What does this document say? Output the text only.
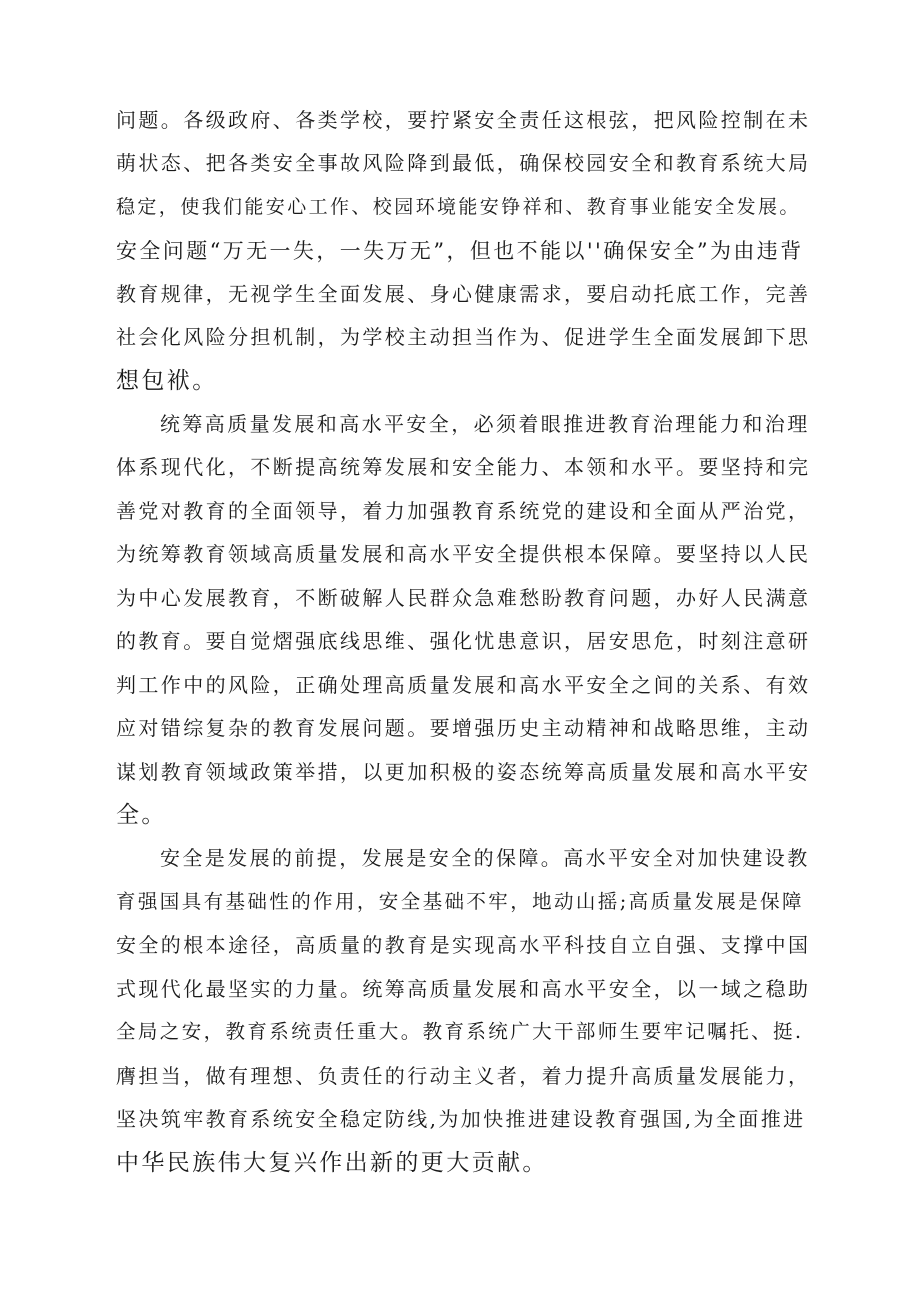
问题。各级政府、各类学校，要拧紧安全责任这根弦，把风险控制在未
萌状态、把各类安全事故风险降到最低，确保校园安全和教育系统大局
稳定，使我们能安心工作、校园环境能安铮祥和、教育事业能安全发展。
安全问题“万无一失，一失万无”，但也不能以''确保安全”为由违背
教育规律，无视学生全面发展、身心健康需求，要启动托底工作，完善
社会化风险分担机制，为学校主动担当作为、促进学生全面发展卸下思
想包袱。
统筹高质量发展和高水平安全，必须着眼推进教育治理能力和治理
体系现代化，不断提高统筹发展和安全能力、本领和水平。要坚持和完
善党对教育的全面领导，着力加强教育系统党的建设和全面从严治党，
为统筹教育领域高质量发展和高水平安全提供根本保障。要坚持以人民
为中心发展教育，不断破解人民群众急难愁盼教育问题，办好人民满意
的教育。要自觉熠强底线思维、强化忧患意识，居安思危，时刻注意研
判工作中的风险，正确处理高质量发展和高水平安全之间的关系、有效
应对错综复杂的教育发展问题。要增强历史主动精神和战略思维，主动
谋划教育领域政策举措，以更加积极的姿态统筹高质量发展和高水平安
全。
安全是发展的前提，发展是安全的保障。高水平安全对加快建设教
育强国具有基础性的作用，安全基础不牢，地动山摇;高质量发展是保障
安全的根本途径，高质量的教育是实现高水平科技自立自强、支撑中国
式现代化最坚实的力量。统筹高质量发展和高水平安全，以一域之稳助
全局之安，教育系统责任重大。教育系统广大干部师生要牢记嘱托、挺.
膺担当，做有理想、负责任的行动主义者，着力提升高质量发展能力，
坚决筑牢教育系统安全稳定防线,为加快推进建设教育强国,为全面推进
中华民族伟大复兴作出新的更大贡献。
